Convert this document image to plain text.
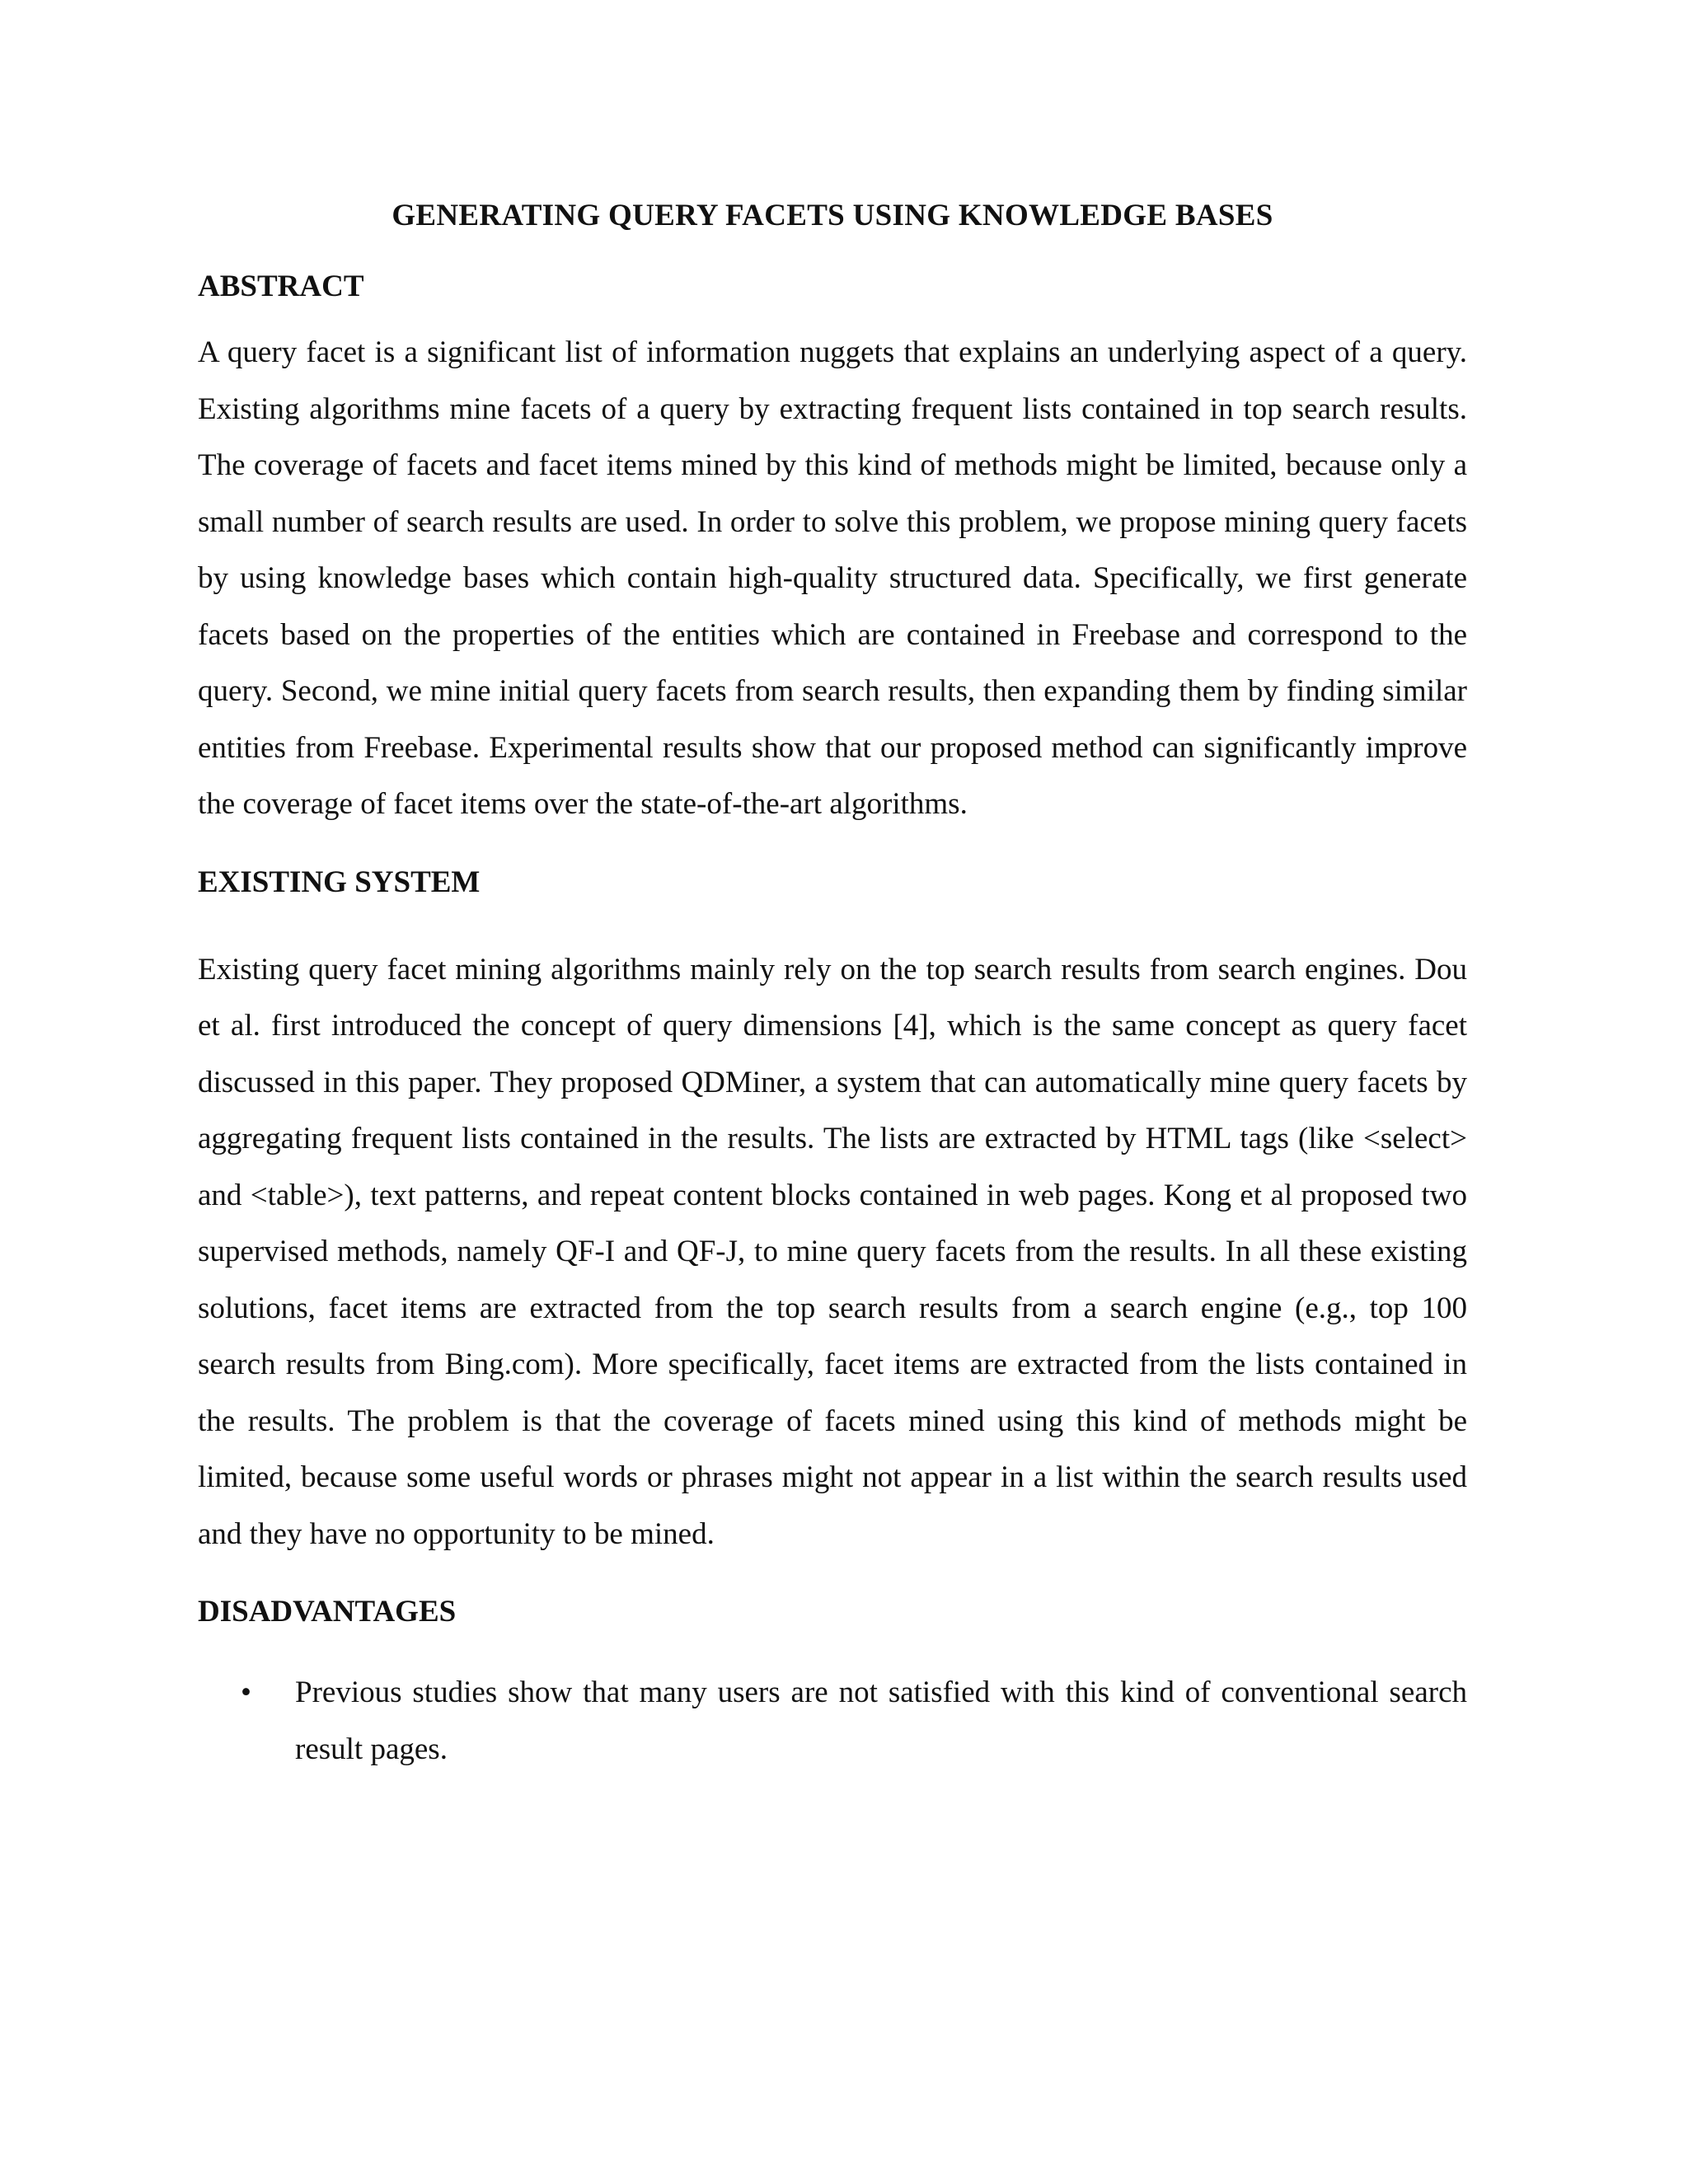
GENERATING QUERY FACETS USING KNOWLEDGE BASES
ABSTRACT

A query facet is a significant list of information nuggets that explains an underlying aspect of a query. Existing algorithms mine facets of a query by extracting frequent lists contained in top search results. The coverage of facets and facet items mined by this kind of methods might be limited, because only a small number of search results are used. In order to solve this problem, we propose mining query facets by using knowledge bases which contain high-quality structured data. Specifically, we first generate facets based on the properties of the entities which are contained in Freebase and correspond to the query. Second, we mine initial query facets from search results, then expanding them by finding similar entities from Freebase. Experimental results show that our proposed method can significantly improve the coverage of facet items over the state-of-the-art algorithms.

EXISTING SYSTEM

Existing query facet mining algorithms mainly rely on the top search results from search engines. Dou et al. first introduced the concept of query dimensions [4], which is the same concept as query facet discussed in this paper. They proposed QDMiner, a system that can automatically mine query facets by aggregating frequent lists contained in the results. The lists are extracted by HTML tags (like <select> and <table>), text patterns, and repeat content blocks contained in web pages. Kong et al proposed two supervised methods, namely QF-I and QF-J, to mine query facets from the results. In all these existing solutions, facet items are extracted from the top search results from a search engine (e.g., top 100 search results from Bing.com). More specifically, facet items are extracted from the lists contained in the results. The problem is that the coverage of facets mined using this kind of methods might be limited, because some useful words or phrases might not appear in a list within the search results used and they have no opportunity to be mined.

DISADVANTAGES
• Previous studies show that many users are not satisfied with this kind of conventional search result pages.
